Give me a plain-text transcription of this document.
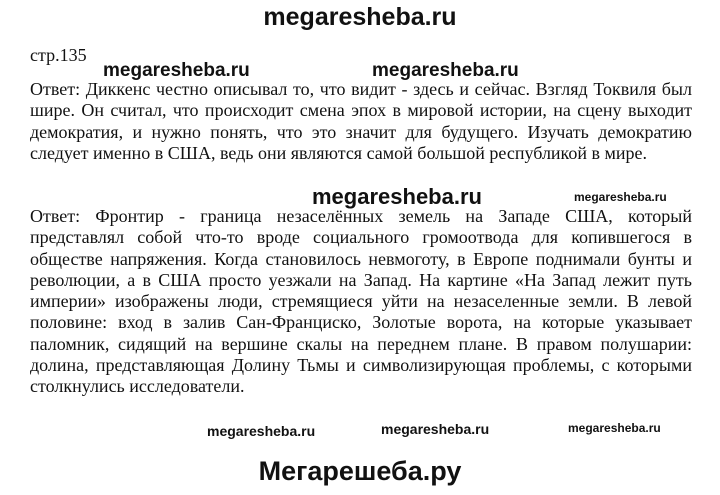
megaresheba.ru
стр.135

Ответ: Диккенс честно описывал то, что видит - здесь и сейчас. Взгляд Токвиля был шире. Он считал, что происходит смена эпох в мировой истории, на сцену выходит демократия, и нужно понять, что это значит для будущего. Изучать демократию следует именно в США, ведь они являются самой большой республикой в мире.

Ответ: Фронтир - граница незаселённых земель на Западе США, который представлял собой что-то вроде социального громоотвода для копившегося в обществе напряжения. Когда становилось невмоготу, в Европе поднимали бунты и революции, а в США просто уезжали на Запад. На картине «На Запад лежит путь империи» изображены люди, стремящиеся уйти на незаселенные земли. В левой половине: вход в залив Сан-Франциско, Золотые ворота, на которые указывает паломник, сидящий на вершине скалы на переднем плане. В правом полушарии: долина, представляющая Долину Тьмы и символизирующая проблемы, с которыми столкнулись исследователи.

megaresheba.ru	megaresheba.ru
megaresheba.ru	megaresheba.ru
megaresheba.ru
megaresheba.ru	megaresheba.ru
Мегарешеба.ру
